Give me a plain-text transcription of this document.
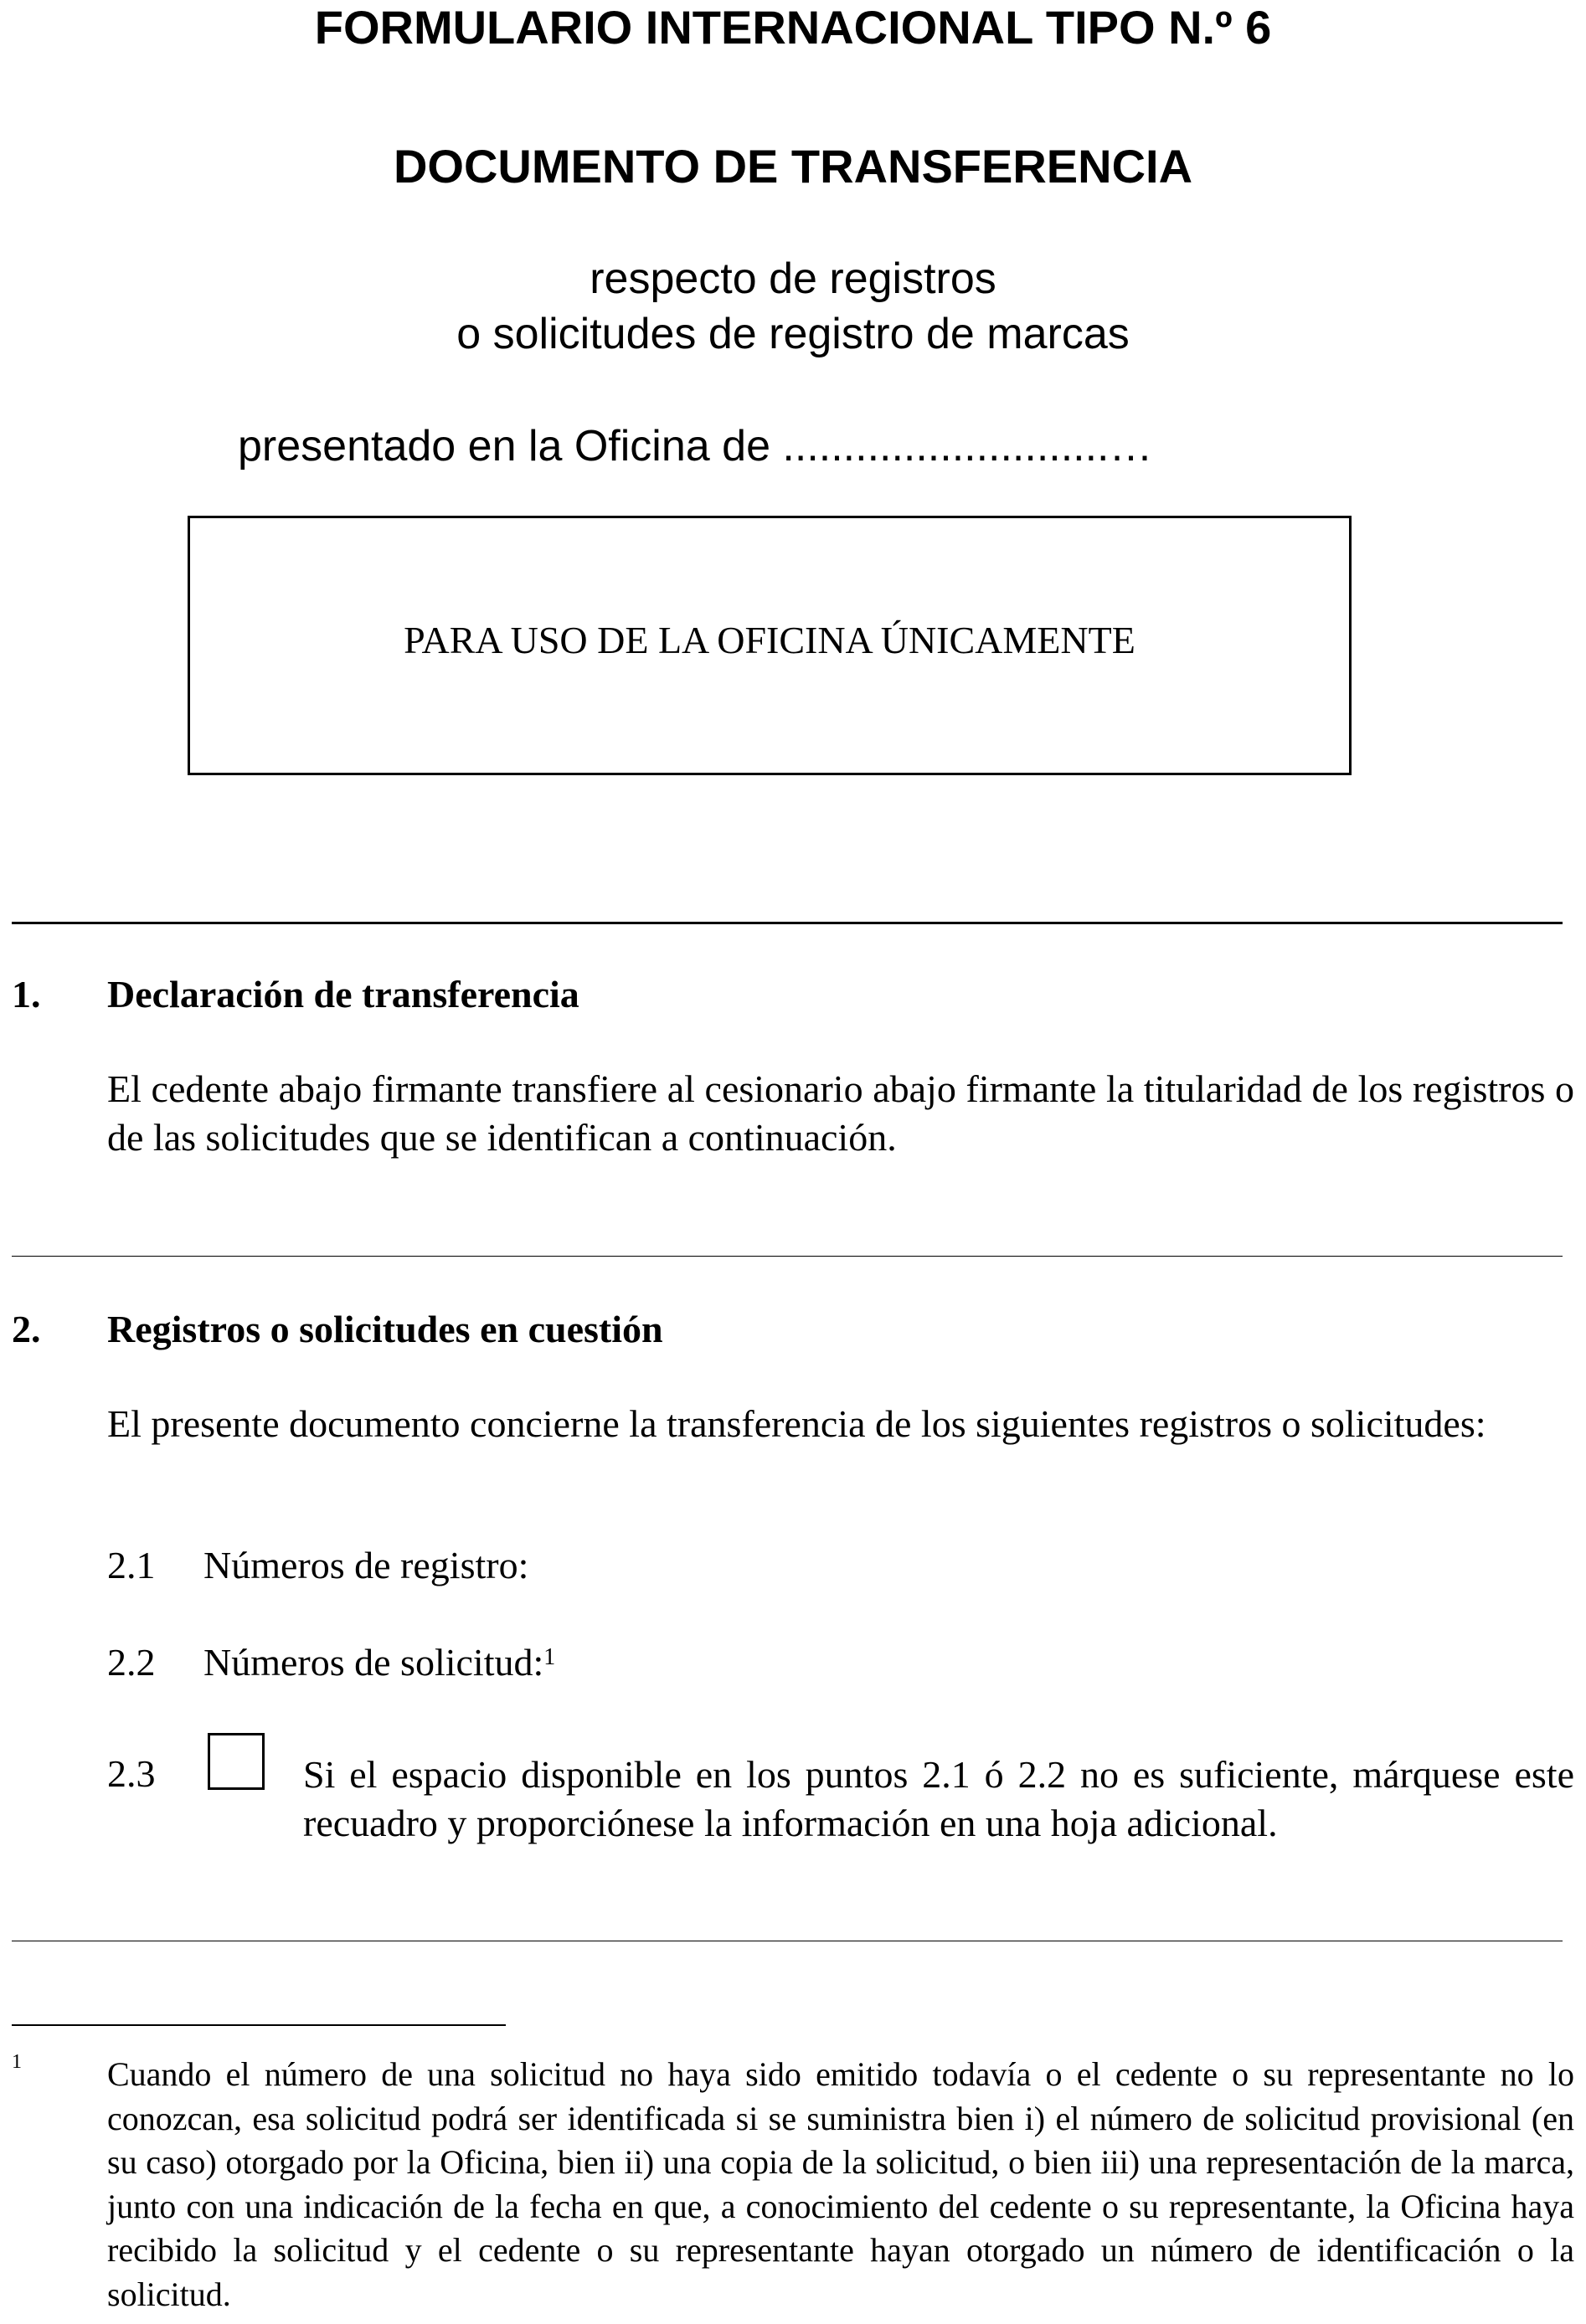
FORMULARIO INTERNACIONAL TIPO N.º 6
DOCUMENTO DE TRANSFERENCIA
respecto de registros
o solicitudes de registro de marcas
presentado en la Oficina de ...........................…
PARA USO DE LA OFICINA ÚNICAMENTE
1. Declaración de transferencia
El cedente abajo firmante transfiere al cesionario abajo firmante la titularidad de los registros o de las solicitudes que se identifican a continuación.
2. Registros o solicitudes en cuestión
El presente documento concierne la transferencia de los siguientes registros o solicitudes:
2.1 Números de registro:
2.2 Números de solicitud:$^1$
2.3	Si el espacio disponible en los puntos 2.1 ó 2.2 no es suficiente, márquese este recuadro y proporciónese la información en una hoja adicional.
1	Cuando el número de una solicitud no haya sido emitido todavía o el cedente o su representante no lo conozcan, esa solicitud podrá ser identificada si se suministra bien i) el número de solicitud provisional (en su caso) otorgado por la Oficina, bien ii) una copia de la solicitud, o bien iii) una representación de la marca, junto con una indicación de la fecha en que, a conocimiento del cedente o su representante, la Oficina haya recibido la solicitud y el cedente o su representante hayan otorgado un número de identificación o la solicitud.
